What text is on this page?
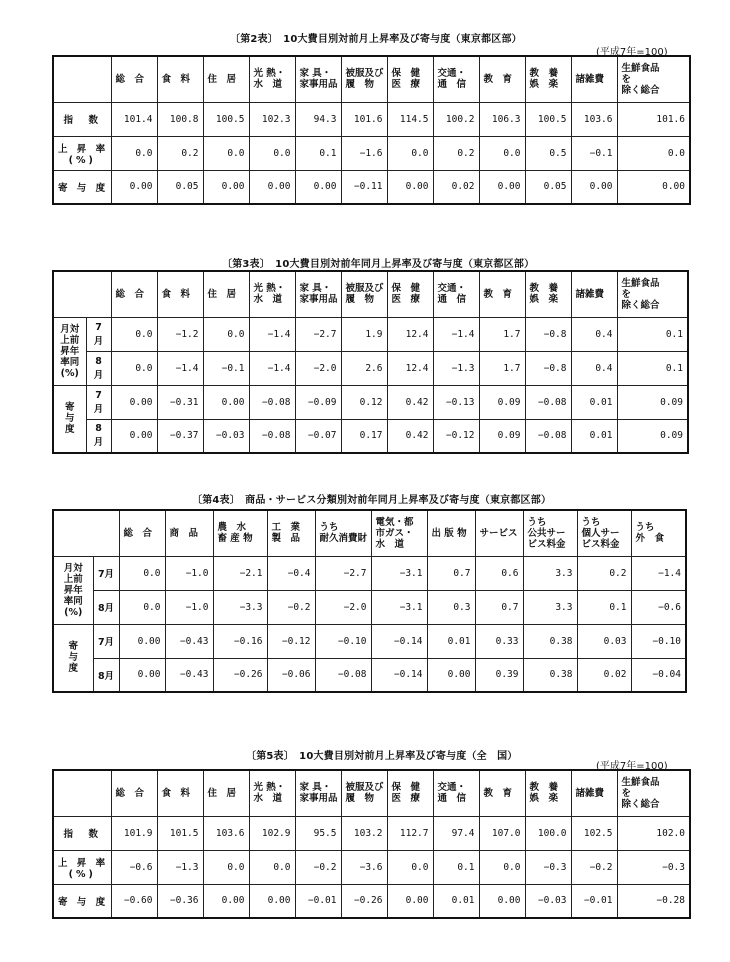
〔第2表〕　10大費目別対前月上昇率及び寄与度（東京都区部）
(平成7年=100)

	総　合	食　料	住　居	光 熱・
水　道	家 具・
家事用品	被服及び
履　物	保　健
医　療	交通・
通　信	教　育	教　養
娯　楽	諸雑費	生鮮食品
を
除く総合

指　数	101.4	100.8	100.5	102.3	94.3	101.6	114.5	100.2	106.3	100.5	103.6	101.6

上 昇 率
(%)	0.0	0.2	0.0	0.0	0.1	−1.6	0.0	0.2	0.0	0.5	−0.1	0.0

寄 与 度	0.00	0.05	0.00	0.00	0.00	−0.11	0.00	0.02	0.00	0.05	0.00	0.00
〔第3表〕　10大費目別対前年同月上昇率及び寄与度（東京都区部）

		総　合	食　料	住　居	光 熱・
水　道	家 具・
家事用品	被服及び
履　物	保　健
医　療	交通・
通　信	教　育	教　養
娯　楽	諸雑費	生鮮食品
を
除く総合

月対
上前
昇年
率同
(%)	7月	0.0	−1.2	0.0	−1.4	−2.7	1.9	12.4	−1.4	1.7	−0.8	0.4	0.1
	8月	0.0	−1.4	−0.1	−1.4	−2.0	2.6	12.4	−1.3	1.7	−0.8	0.4	0.1

寄
与
度	7月	0.00	−0.31	0.00	−0.08	−0.09	0.12	0.42	−0.13	0.09	−0.08	0.01	0.09
	8月	0.00	−0.37	−0.03	−0.08	−0.07	0.17	0.42	−0.12	0.09	−0.08	0.01	0.09
〔第4表〕　商品・サービス分類別対前年同月上昇率及び寄与度（東京都区部）

		総　合	商　品	農　水
畜 産 物	工　業
製　品	うち
耐久消費財	電気・都
市ガス・
水　道	出 版 物	サービス	うち
公共サー
ビス料金	うち
個人サー
ビス料金	うち
外　食

月対
上前
昇年
率同
(%)	7月	0.0	−1.0	−2.1	−0.4	−2.7	−3.1	0.7	0.6	3.3	0.2	−1.4
	8月	0.0	−1.0	−3.3	−0.2	−2.0	−3.1	0.3	0.7	3.3	0.1	−0.6

寄
与
度	7月	0.00	−0.43	−0.16	−0.12	−0.10	−0.14	0.01	0.33	0.38	0.03	−0.10
	8月	0.00	−0.43	−0.26	−0.06	−0.08	−0.14	0.00	0.39	0.38	0.02	−0.04
〔第5表〕　10大費目別対前月上昇率及び寄与度（全　国）
(平成7年=100)

	総　合	食　料	住　居	光 熱・
水　道	家 具・
家事用品	被服及び
履　物	保　健
医　療	交通・
通　信	教　育	教　養
娯　楽	諸雑費	生鮮食品
を
除く総合

指　数	101.9	101.5	103.6	102.9	95.5	103.2	112.7	97.4	107.0	100.0	102.5	102.0

上 昇 率
(%)	−0.6	−1.3	0.0	0.0	−0.2	−3.6	0.0	0.1	0.0	−0.3	−0.2	−0.3

寄 与 度	−0.60	−0.36	0.00	0.00	−0.01	−0.26	0.00	0.01	0.00	−0.03	−0.01	−0.28
